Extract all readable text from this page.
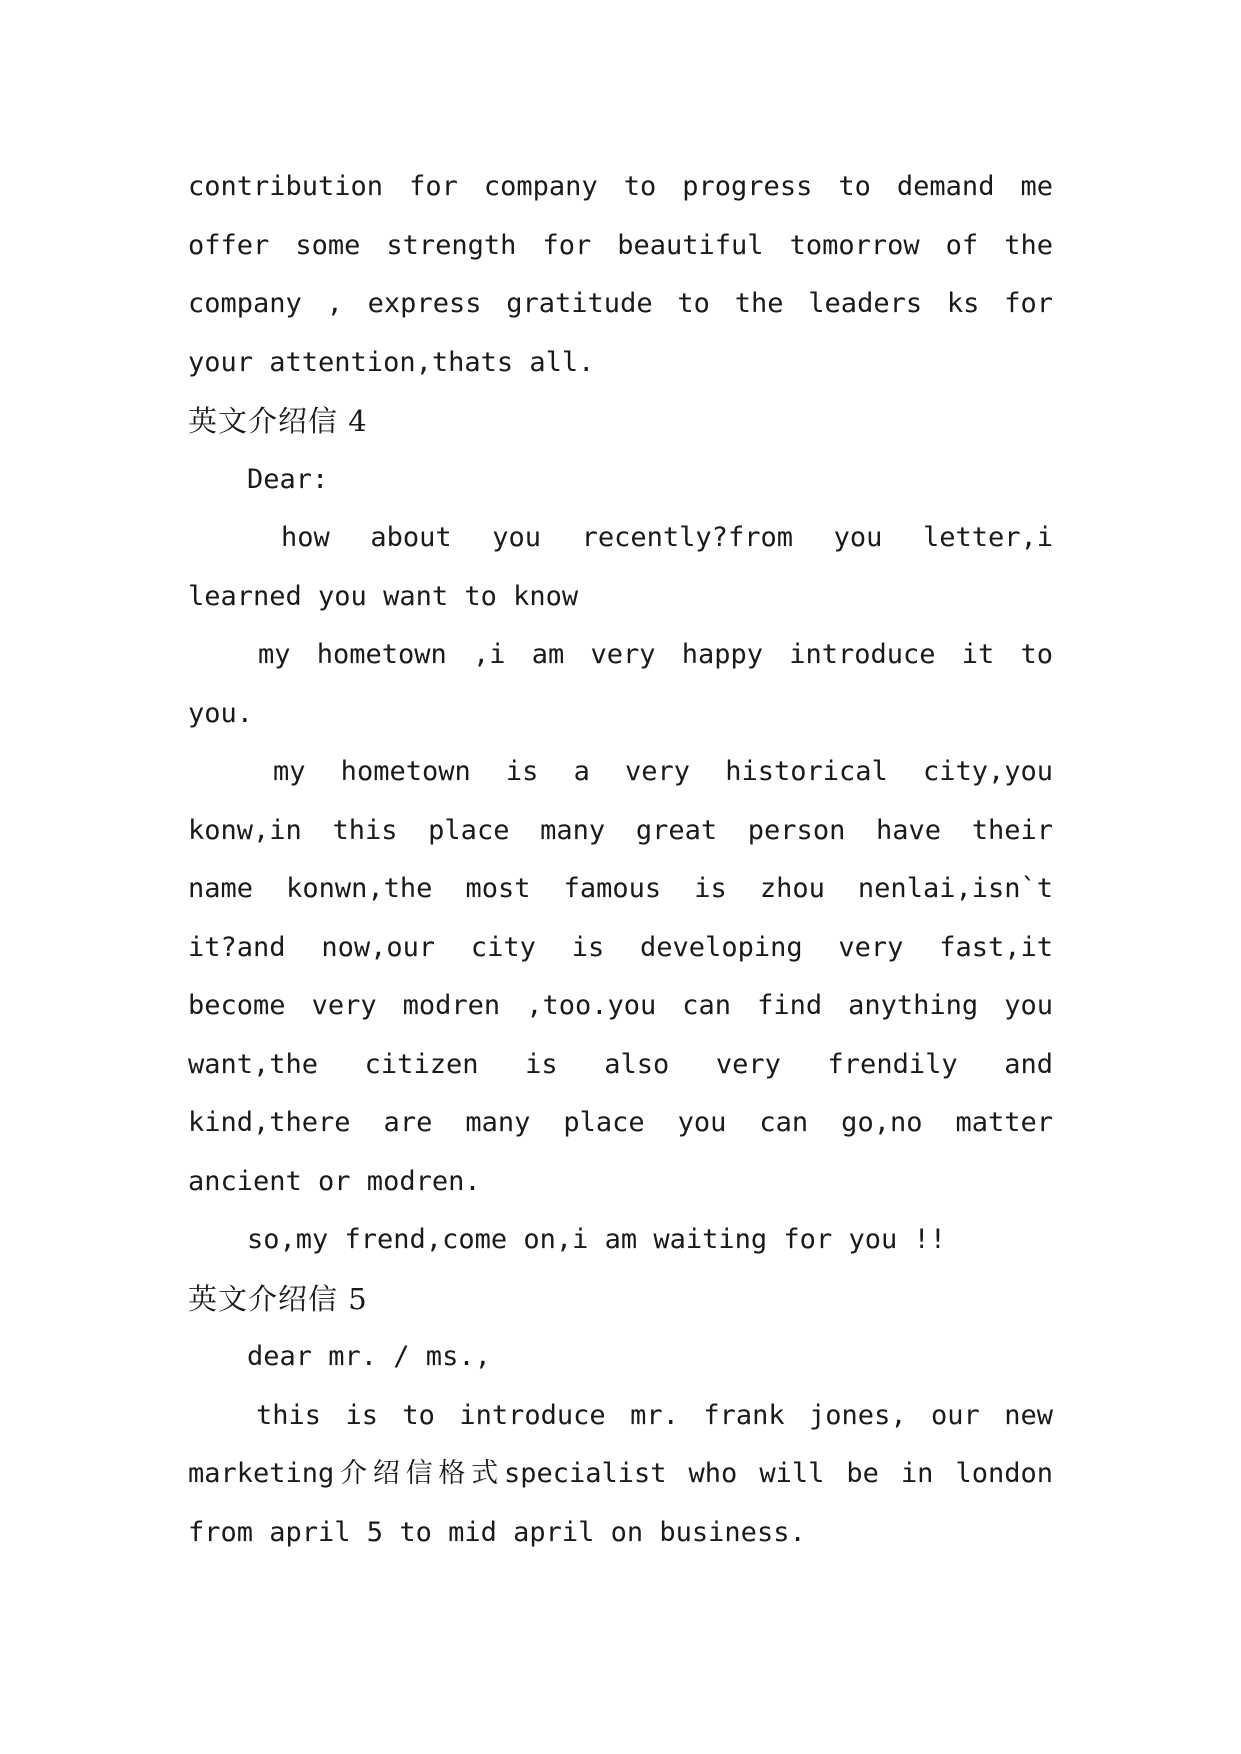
contribution for company to progress to demand me
offer some strength for beautiful tomorrow of the
company , express gratitude to the leaders ks for
your attention,thats all.
英文介绍信 4
Dear:
how about you recently?from you letter,i
learned you want to know
my hometown ,i am very happy introduce it to
you.
my hometown is a very historical city,you
konw,in this place many great person have their
name konwn,the most famous is zhou nenlai,isn`t
it?and now,our city is developing very fast,it
become very modren ,too.you can find anything you
want,the citizen is also very frendily and
kind,there are many place you can go,no matter
ancient or modren.
so,my frend,come on,i am waiting for you !!
英文介绍信 5
dear mr. / ms.,
this is to introduce mr. frank jones, our new
marketing介绍信格式specialist who will be in london
from april 5 to mid april on business.
